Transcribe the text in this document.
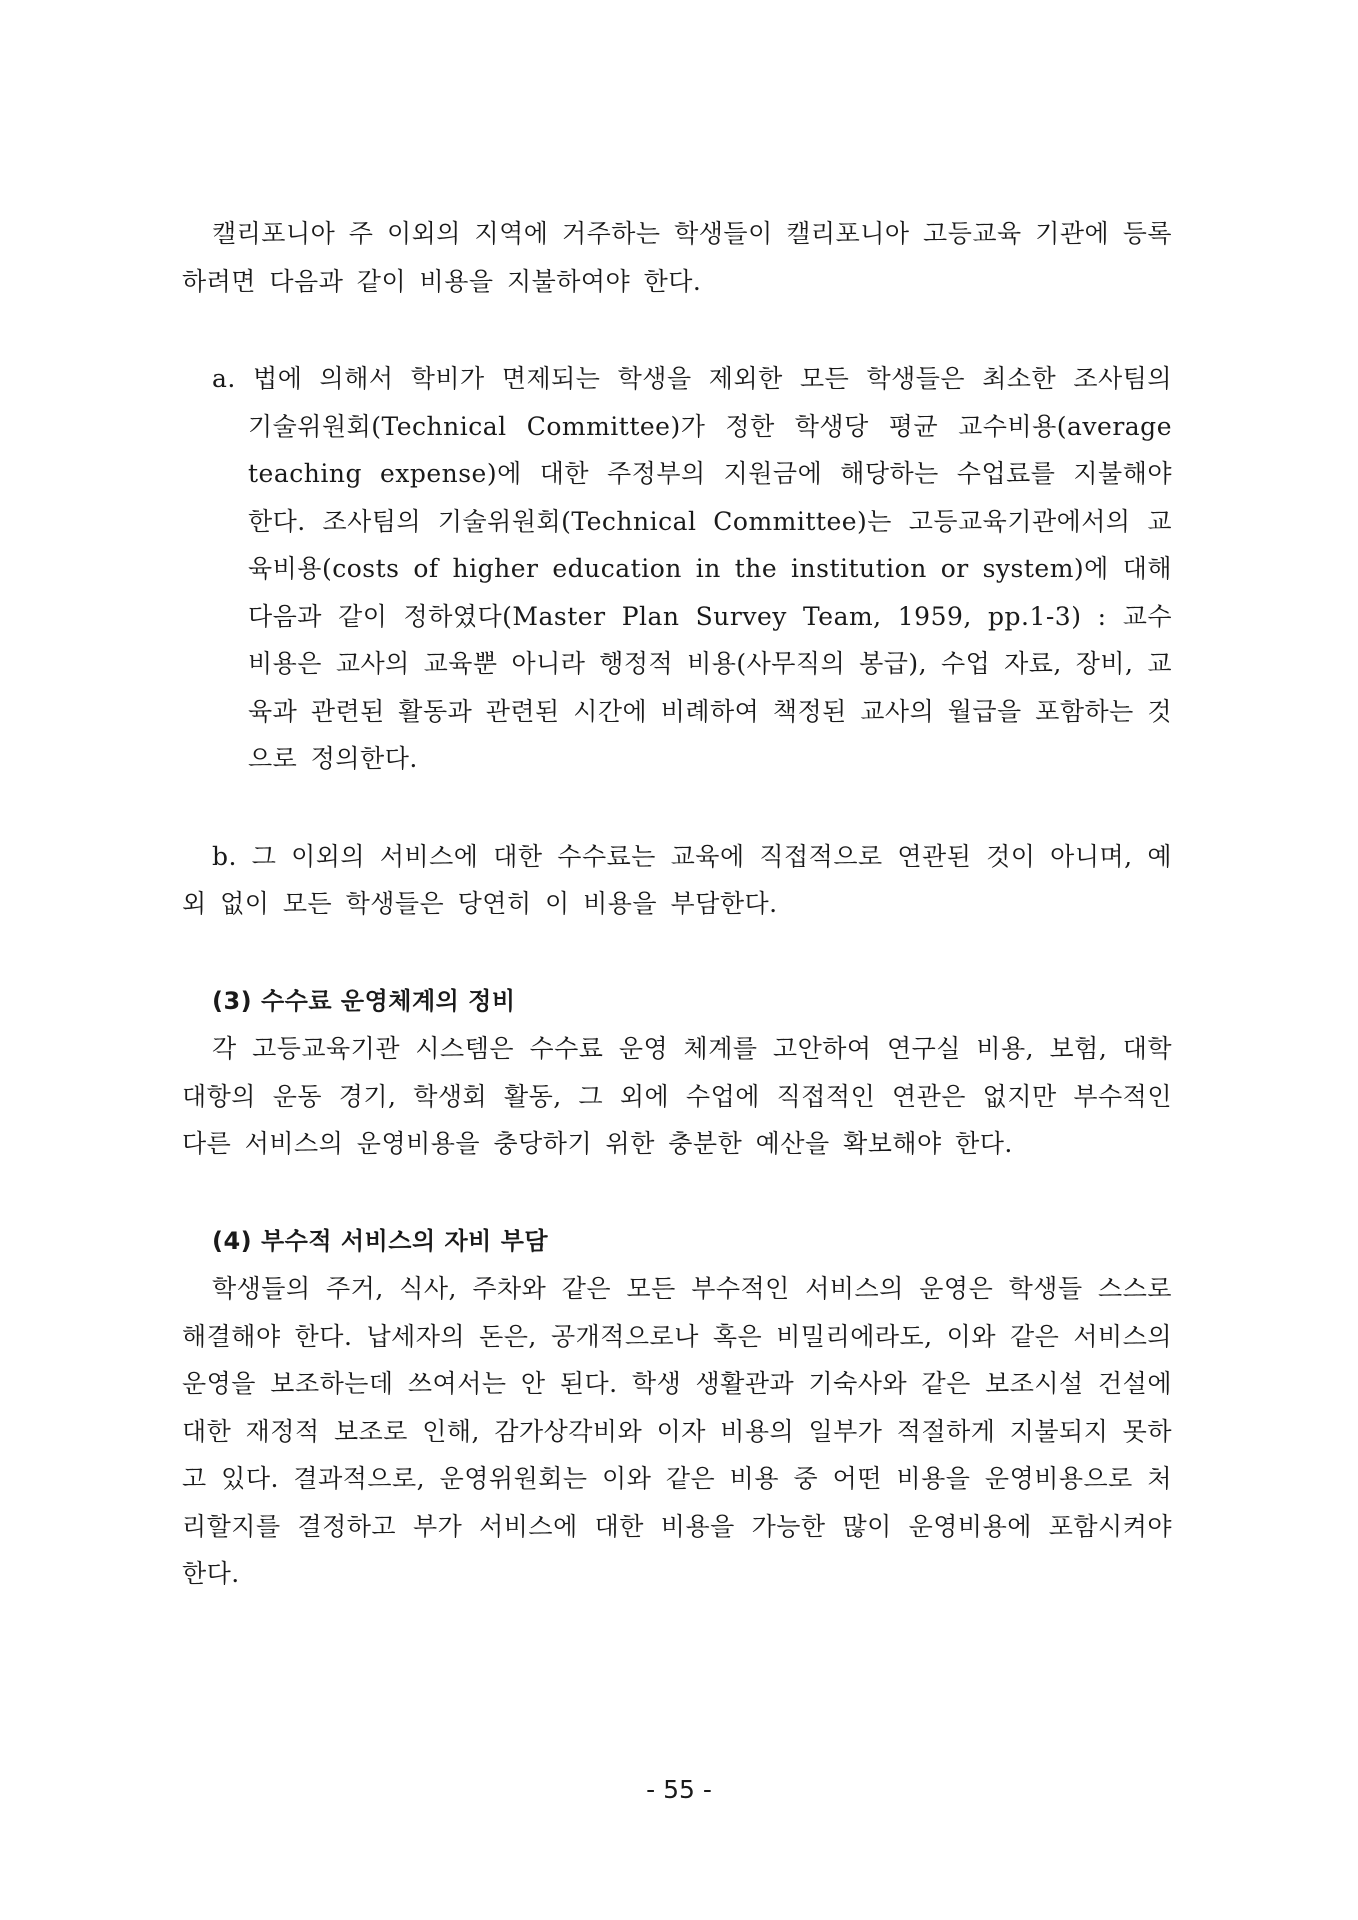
캘리포니아 주 이외의 지역에 거주하는 학생들이 캘리포니아 고등교육 기관에 등록하려면 다음과 같이 비용을 지불하여야 한다.

a. 법에 의해서 학비가 면제되는 학생을 제외한 모든 학생들은 최소한 조사팀의 기술위원회(Technical Committee)가 정한 학생당 평균 교수비용(average teaching expense)에 대한 주정부의 지원금에 해당하는 수업료를 지불해야 한다. 조사팀의 기술위원회(Technical Committee)는 고등교육기관에서의 교육비용(costs of higher education in the institution or system)에 대해 다음과 같이 정하였다(Master Plan Survey Team, 1959, pp.1-3) : 교수비용은 교사의 교육뿐 아니라 행정적 비용(사무직의 봉급), 수업 자료, 장비, 교육과 관련된 활동과 관련된 시간에 비례하여 책정된 교사의 월급을 포함하는 것으로 정의한다.

b. 그 이외의 서비스에 대한 수수료는 교육에 직접적으로 연관된 것이 아니며, 예외 없이 모든 학생들은 당연히 이 비용을 부담한다.

(3) 수수료 운영체계의 정비

각 고등교육기관 시스템은 수수료 운영 체계를 고안하여 연구실 비용, 보험, 대학 대항의 운동 경기, 학생회 활동, 그 외에 수업에 직접적인 연관은 없지만 부수적인 다른 서비스의 운영비용을 충당하기 위한 충분한 예산을 확보해야 한다.

(4) 부수적 서비스의 자비 부담

학생들의 주거, 식사, 주차와 같은 모든 부수적인 서비스의 운영은 학생들 스스로 해결해야 한다. 납세자의 돈은, 공개적으로나 혹은 비밀리에라도, 이와 같은 서비스의 운영을 보조하는데 쓰여서는 안 된다. 학생 생활관과 기숙사와 같은 보조시설 건설에 대한 재정적 보조로 인해, 감가상각비와 이자 비용의 일부가 적절하게 지불되지 못하고 있다. 결과적으로, 운영위원회는 이와 같은 비용 중 어떤 비용을 운영비용으로 처리할지를 결정하고 부가 서비스에 대한 비용을 가능한 많이 운영비용에 포함시켜야 한다.

- 55 -
